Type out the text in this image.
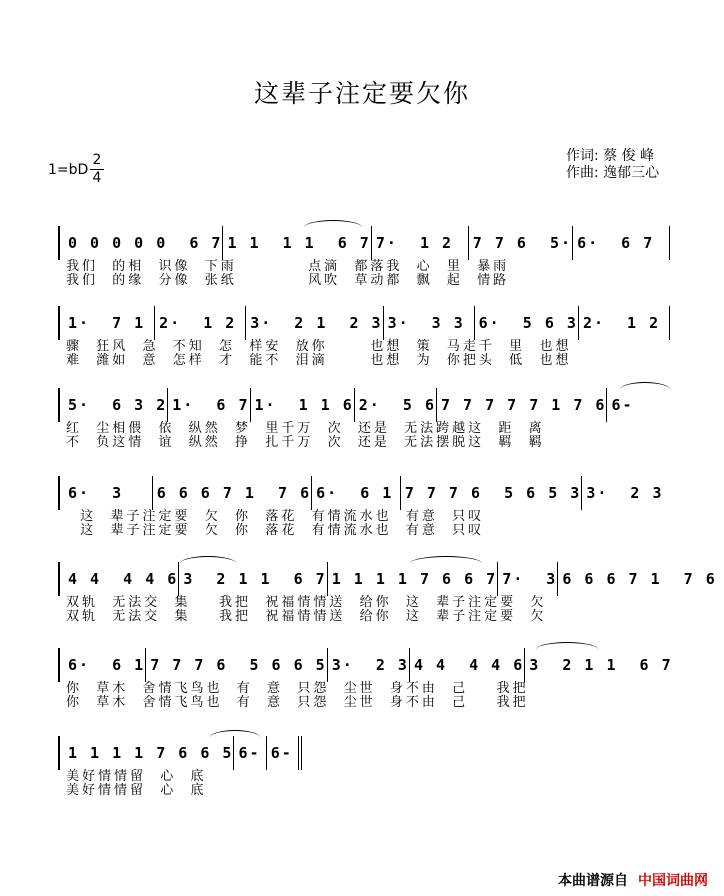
这辈子注定要欠你
$1=bD \frac{2}{4}$	作词: 蔡 俊 峰
作曲: 逸郁三心
0 0 0 0 0  6 7 1 1  1 1  6 7 7·  1 2	7 7 6  5· 6·  6 7
我们  的相  识像  下雨          点滴  都落我  心  里  暴雨
我们  的缘  分像  张纸          风吹  草动都  飘  起  情路
1·  7 1 2·  1 2 3·  2 1  2 3 3·  3 3 6·  5 6 3 2·  1 2
骤  狂风  急  不知  怎  样安  放你      也想  策  马走千  里  也想
难  潍如  意  怎样  才  能不  泪滴      也想  为  你把头  低  也想
5·  6 3 2 1·  6 7 1·  1 1 6 2·  5 6 7 7 7 7 7 1 7 6 6-
红  尘相偎  依  纵然  梦  里千万  次  还是  无法跨越这  距  离
不  负这情  谊  纵然  挣  扎千万  次  还是  无法摆脱这  羁  羁
6·  3	6 6 6 7 1  7 6 6·  6 1 7 7 7 6  5 6 5 3 3·  2 3
这  辈子注定要  欠  你  落花  有情流水也  有意  只叹
这  辈子注定要  欠  你  落花  有情流水也  有意  只叹
4 4  4 4 6 3  2 1 1  6 7 1 1 1 1 7 6 6 7 7·  3 6 6 6 7 1  7 6
双轨  无法交  集    我把  祝福情情送  给你  这  辈子注定要  欠
双轨  无法交  集    我把  祝福情情送  给你  这  辈子注定要  欠
6·  6 1 7 7 7 6  5 6 6 5 3·  2 3 4 4  4 4 6 3  2 1 1  6 7
你  草木  舍情飞鸟也  有  意  只怨  尘世  身不由  己    我把
你  草木  舍情飞鸟也  有  意  只怨  尘世  身不由  己    我把
1 1 1 1 7 6 6 5 6- 6-
美好情情留  心  底
美好情情留  心  底
本曲谱源自 中国词曲网
